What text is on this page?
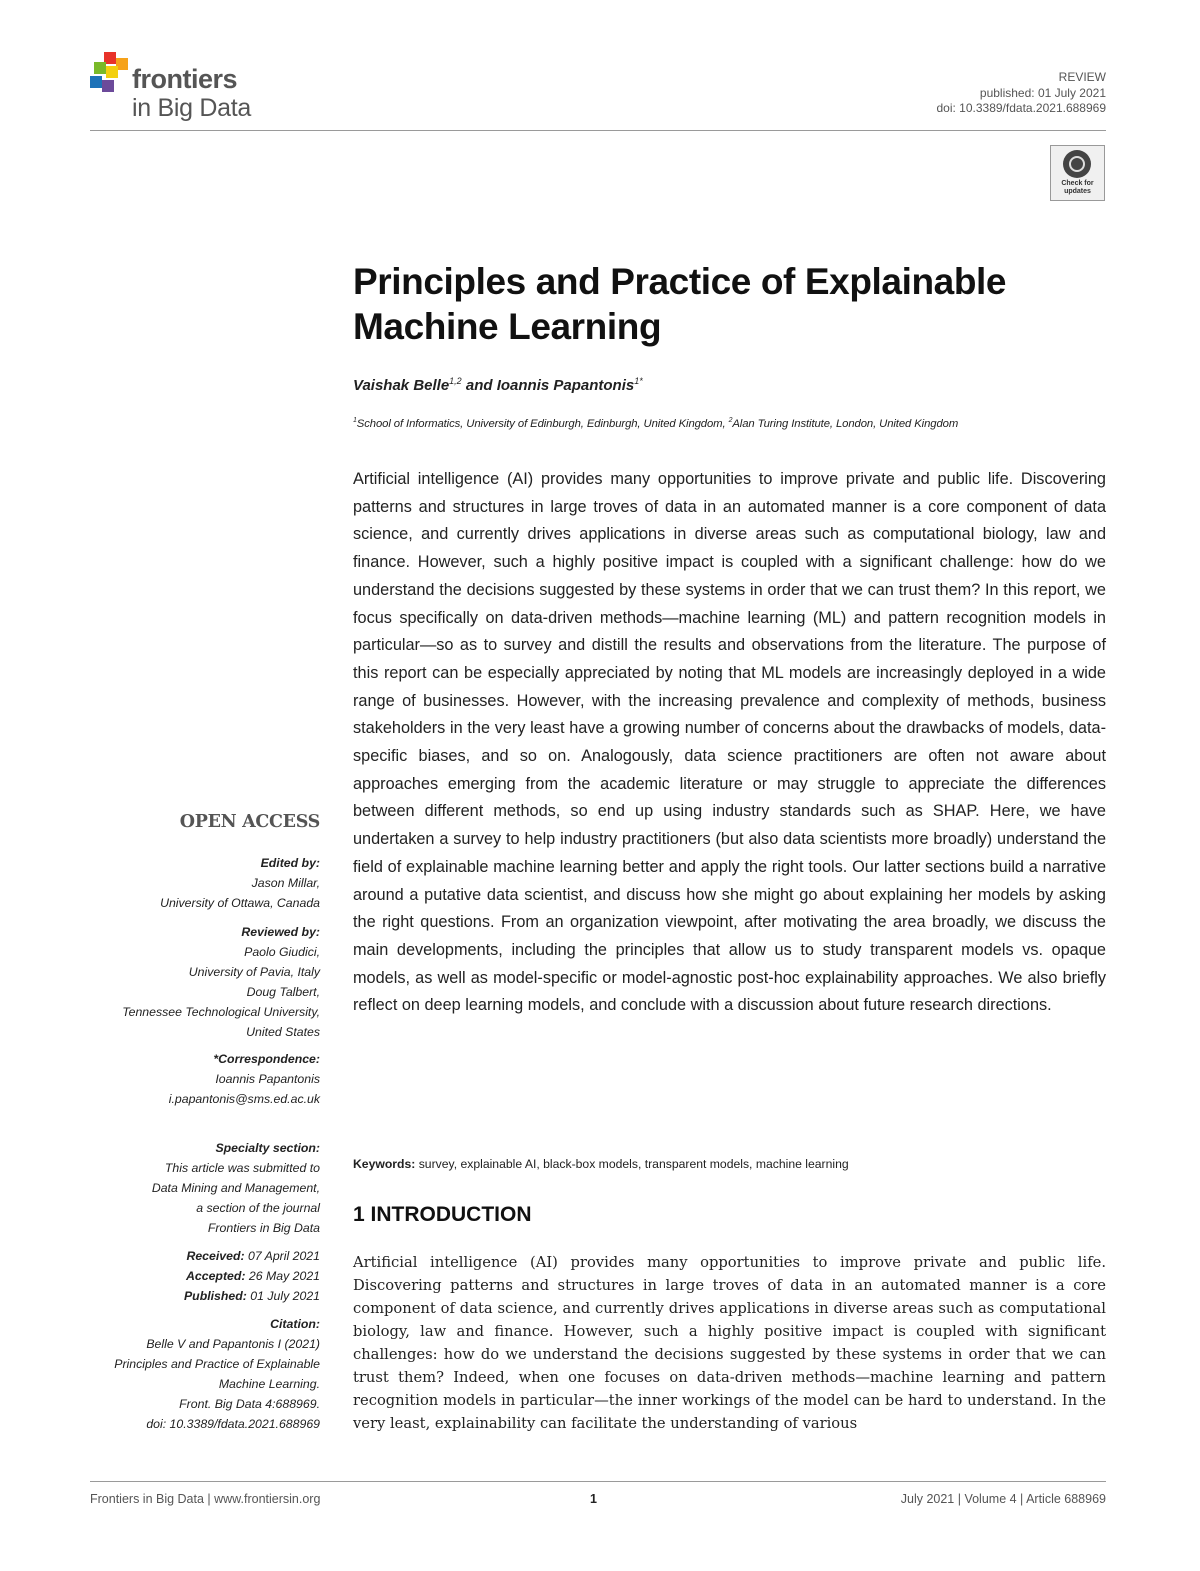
frontiers
in Big Data
REVIEW
published: 01 July 2021
doi: 10.3389/fdata.2021.688969
Check for updates
Principles and Practice of Explainable Machine Learning
Vaishak Belle$^{1,2}$ and Ioannis Papantonis$^{1*}$
$^1$School of Informatics, University of Edinburgh, Edinburgh, United Kingdom, $^2$Alan Turing Institute, London, United Kingdom
Artificial intelligence (AI) provides many opportunities to improve private and public life. Discovering patterns and structures in large troves of data in an automated manner is a core component of data science, and currently drives applications in diverse areas such as computational biology, law and finance. However, such a highly positive impact is coupled with a significant challenge: how do we understand the decisions suggested by these systems in order that we can trust them? In this report, we focus specifically on data-driven methods—machine learning (ML) and pattern recognition models in particular—so as to survey and distill the results and observations from the literature. The purpose of this report can be especially appreciated by noting that ML models are increasingly deployed in a wide range of businesses. However, with the increasing prevalence and complexity of methods, business stakeholders in the very least have a growing number of concerns about the drawbacks of models, data-specific biases, and so on. Analogously, data science practitioners are often not aware about approaches emerging from the academic literature or may struggle to appreciate the differences between different methods, so end up using industry standards such as SHAP. Here, we have undertaken a survey to help industry practitioners (but also data scientists more broadly) understand the field of explainable machine learning better and apply the right tools. Our latter sections build a narrative around a putative data scientist, and discuss how she might go about explaining her models by asking the right questions. From an organization viewpoint, after motivating the area broadly, we discuss the main developments, including the principles that allow us to study transparent models vs. opaque models, as well as model-specific or model-agnostic post-hoc explainability approaches. We also briefly reflect on deep learning models, and conclude with a discussion about future research directions.
Keywords: survey, explainable AI, black-box models, transparent models, machine learning
1 INTRODUCTION
Artificial intelligence (AI) provides many opportunities to improve private and public life. Discovering patterns and structures in large troves of data in an automated manner is a core component of data science, and currently drives applications in diverse areas such as computational biology, law and finance. However, such a highly positive impact is coupled with significant challenges: how do we understand the decisions suggested by these systems in order that we can trust them? Indeed, when one focuses on data-driven methods—machine learning and pattern recognition models in particular—the inner workings of the model can be hard to understand. In the very least, explainability can facilitate the understanding of various
OPEN ACCESS
Edited by:
Jason Millar,
University of Ottawa, Canada
Reviewed by:
Paolo Giudici,
University of Pavia, Italy
Doug Talbert,
Tennessee Technological University,
United States
*Correspondence:
Ioannis Papantonis
i.papantonis@sms.ed.ac.uk
Specialty section:
This article was submitted to
Data Mining and Management,
a section of the journal
Frontiers in Big Data
Received: 07 April 2021
Accepted: 26 May 2021
Published: 01 July 2021
Citation:
Belle V and Papantonis I (2021)
Principles and Practice of Explainable
Machine Learning.
Front. Big Data 4:688969.
doi: 10.3389/fdata.2021.688969
Frontiers in Big Data | www.frontiersin.org	1	July 2021 | Volume 4 | Article 688969
